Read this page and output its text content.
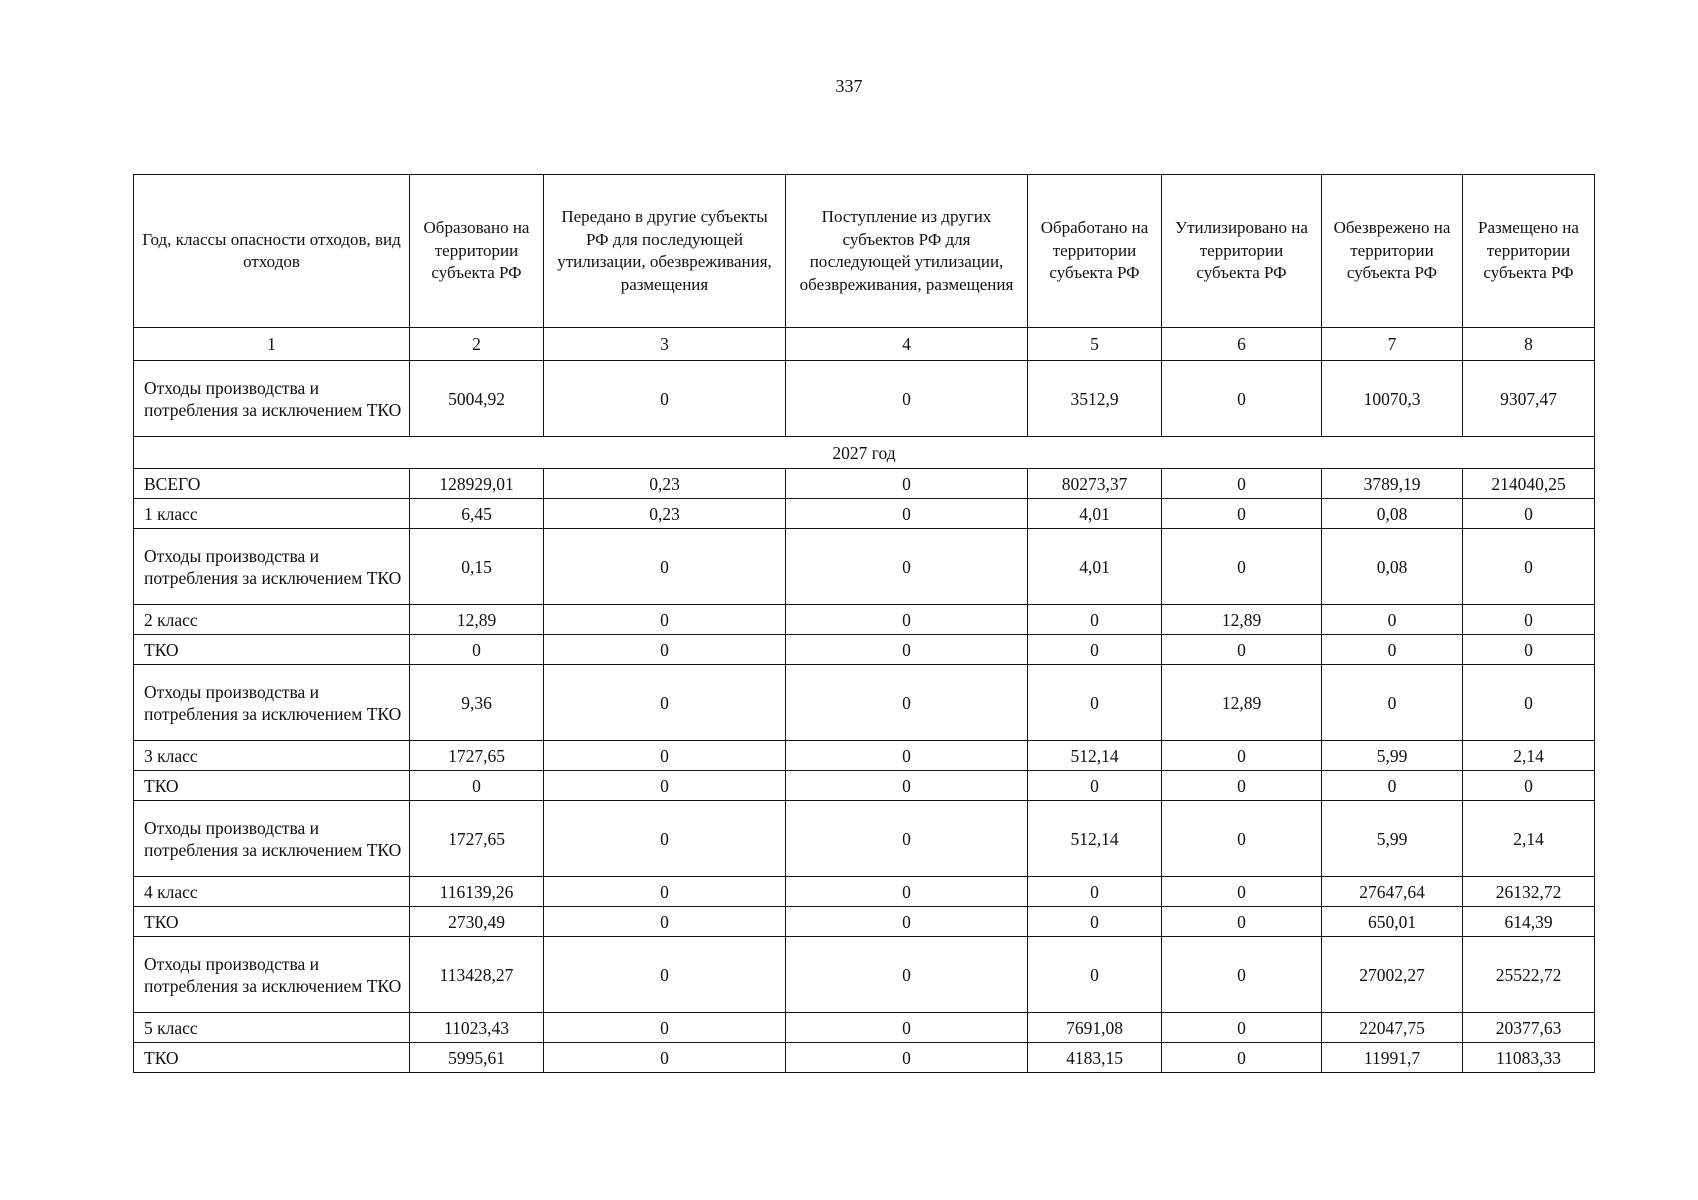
337
Год, классы опасности отходов, вид отходов	Образовано на территории субъекта РФ	Передано в другие субъекты РФ для последующей утилизации, обезвреживания, размещения	Поступление из других субъектов РФ для последующей утилизации, обезвреживания, размещения	Обработано на территории субъекта РФ	Утилизировано на территории субъекта РФ	Обезврежено на территории субъекта РФ	Размещено на территории субъекта РФ
1	2	3	4	5	6	7	8
Отходы производства и потребления за исключением ТКО	5004,92	0	0	3512,9	0	10070,3	9307,47
2027 год							
ВСЕГО	128929,01	0,23	0	80273,37	0	3789,19	214040,25
1 класс	6,45	0,23	0	4,01	0	0,08	0
Отходы производства и потребления за исключением ТКО	0,15	0	0	4,01	0	0,08	0
2 класс	12,89	0	0	0	12,89	0	0
ТКО	0	0	0	0	0	0	0
Отходы производства и потребления за исключением ТКО	9,36	0	0	0	12,89	0	0
3 класс	1727,65	0	0	512,14	0	5,99	2,14
ТКО	0	0	0	0	0	0	0
Отходы производства и потребления за исключением ТКО	1727,65	0	0	512,14	0	5,99	2,14
4 класс	116139,26	0	0	0	0	27647,64	26132,72
ТКО	2730,49	0	0	0	0	650,01	614,39
Отходы производства и потребления за исключением ТКО	113428,27	0	0	0	0	27002,27	25522,72
5 класс	11023,43	0	0	7691,08	0	22047,75	20377,63
ТКО	5995,61	0	0	4183,15	0	11991,7	11083,33
